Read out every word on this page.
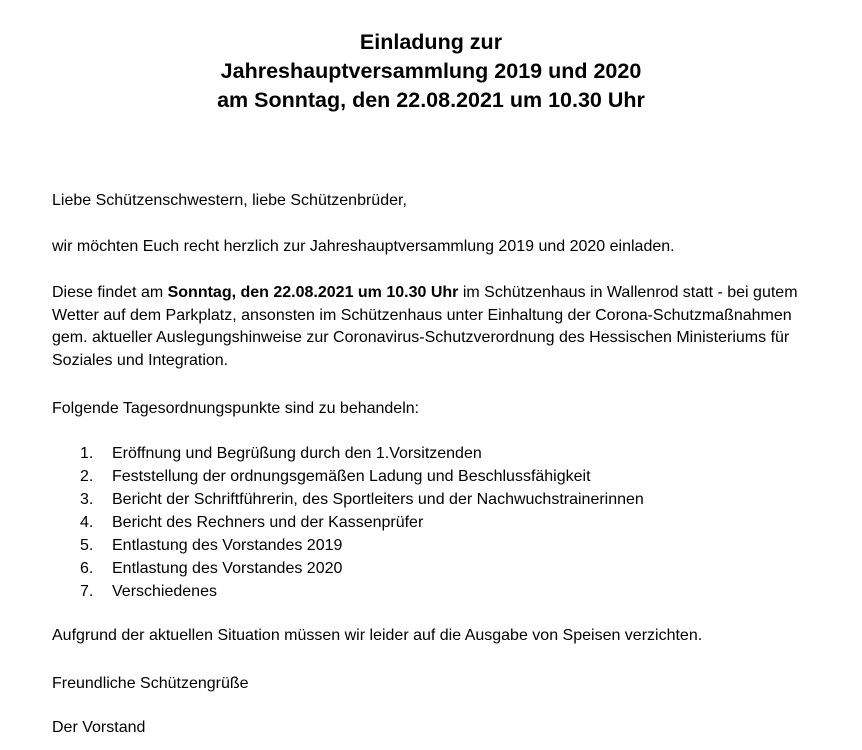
Einladung zur
Jahreshauptversammlung 2019 und 2020
am Sonntag, den 22.08.2021 um 10.30 Uhr

Liebe Schützenschwestern, liebe Schützenbrüder,

wir möchten Euch recht herzlich zur Jahreshauptversammlung 2019 und 2020 einladen.

Diese findet am Sonntag, den 22.08.2021 um 10.30 Uhr im Schützenhaus in Wallenrod statt - bei gutem Wetter auf dem Parkplatz, ansonsten im Schützenhaus unter Einhaltung der Corona-Schutzmaßnahmen gem. aktueller Auslegungshinweise zur Coronavirus-Schutzverordnung des Hessischen Ministeriums für Soziales und Integration.

Folgende Tagesordnungspunkte sind zu behandeln:

1. Eröffnung und Begrüßung durch den 1.Vorsitzenden
2. Feststellung der ordnungsgemäßen Ladung und Beschlussfähigkeit
3. Bericht der Schriftführerin, des Sportleiters und der Nachwuchstrainerinnen
4. Bericht des Rechners und der Kassenprüfer
5. Entlastung des Vorstandes 2019
6. Entlastung des Vorstandes 2020
7. Verschiedenes

Aufgrund der aktuellen Situation müssen wir leider auf die Ausgabe von Speisen verzichten.

Freundliche Schützengrüße

Der Vorstand
